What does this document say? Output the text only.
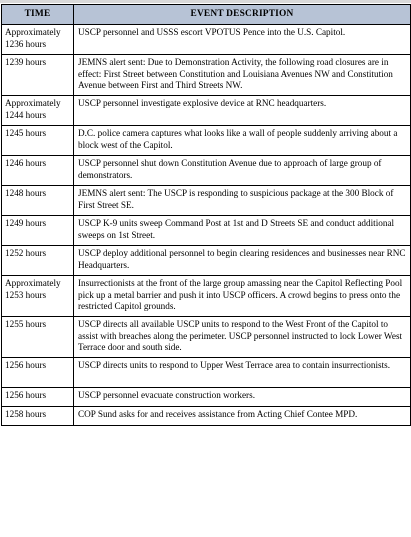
TIME	EVENT DESCRIPTION
Approximately 1236 hours	USCP personnel and USSS escort VPOTUS Pence into the U.S. Capitol.
1239 hours	JEMNS alert sent: Due to Demonstration Activity, the following road closures are in effect: First Street between Constitution and Louisiana Avenues NW and Constitution Avenue between First and Third Streets NW.
Approximately 1244 hours	USCP personnel investigate explosive device at RNC headquarters.
1245 hours	D.C. police camera captures what looks like a wall of people suddenly arriving about a block west of the Capitol.
1246 hours	USCP personnel shut down Constitution Avenue due to approach of large group of demonstrators.
1248 hours	JEMNS alert sent: The USCP is responding to suspicious package at the 300 Block of First Street SE.
1249 hours	USCP K-9 units sweep Command Post at 1st and D Streets SE and conduct additional sweeps on 1st Street.
1252 hours	USCP deploy additional personnel to begin clearing residences and businesses near RNC Headquarters.
Approximately 1253 hours	Insurrectionists at the front of the large group amassing near the Capitol Reflecting Pool pick up a metal barrier and push it into USCP officers. A crowd begins to press onto the restricted Capitol grounds.
1255 hours	USCP directs all available USCP units to respond to the West Front of the Capitol to assist with breaches along the perimeter. USCP personnel instructed to lock Lower West Terrace door and south side.
1256 hours	USCP directs units to respond to Upper West Terrace area to contain insurrectionists.
1256 hours	USCP personnel evacuate construction workers.
1258 hours	COP Sund asks for and receives assistance from Acting Chief Contee MPD.
